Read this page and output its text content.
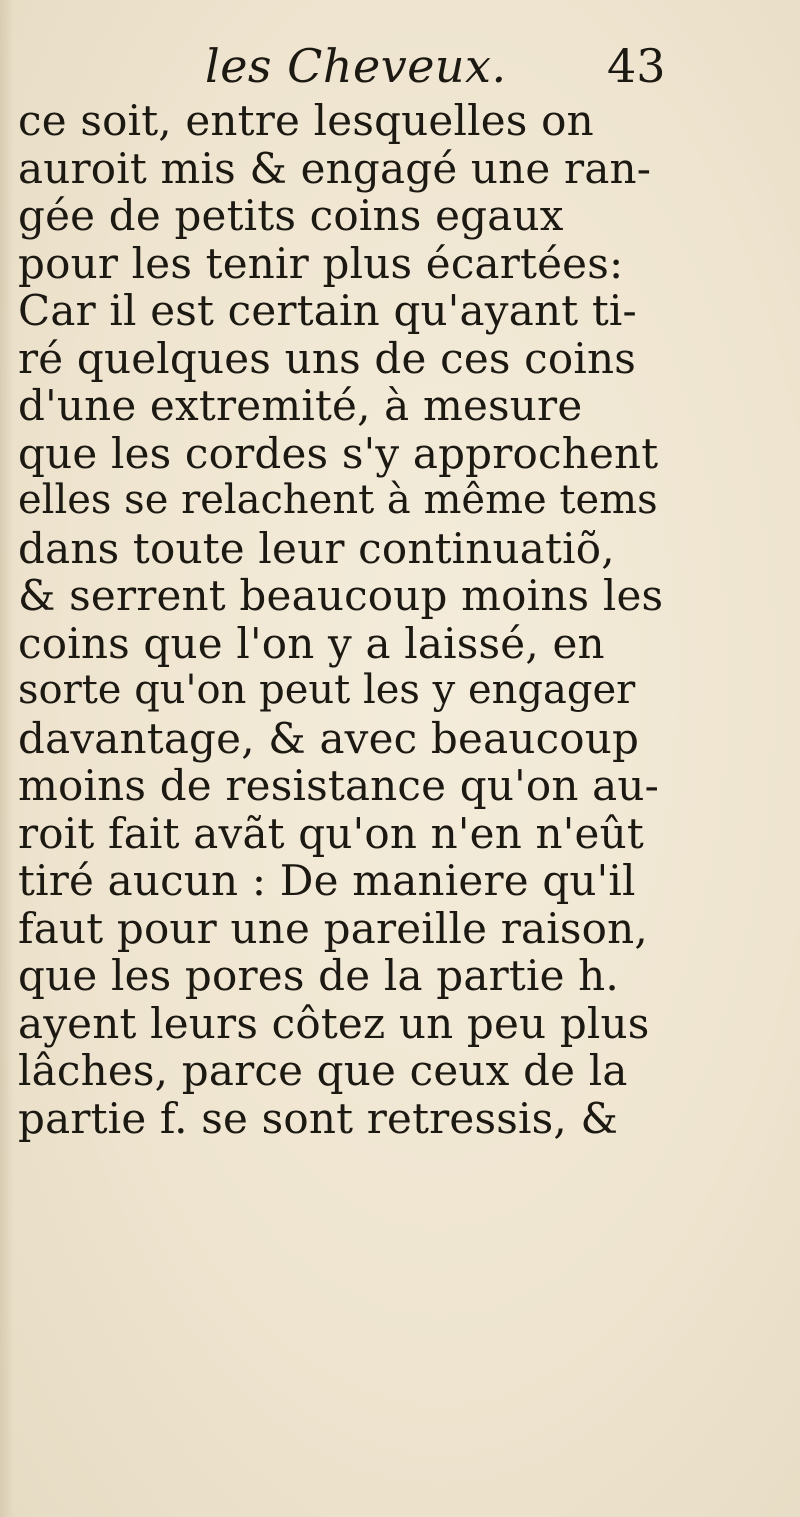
les Cheveux. 43
ce soit, entre lesquelles on
auroit mis & engagé une ran-
gée de petits coins egaux
pour les tenir plus écartées:
Car il est certain qu'ayant ti-
ré quelques uns de ces coins
d'une extremité, à mesure
que les cordes s'y approchent
elles se relachent à même tems
dans toute leur continuatiõ,
& serrent beaucoup moins les
coins que l'on y a laissé, en
sorte qu'on peut les y engager
davantage, & avec beaucoup
moins de resistance qu'on au-
roit fait avãt qu'on n'en n'eût
tiré aucun : De maniere qu'il
faut pour une pareille raison,
que les pores de la partie h.
ayent leurs côtez un peu plus
lâches, parce que ceux de la
partie f. se sont retressis, &
